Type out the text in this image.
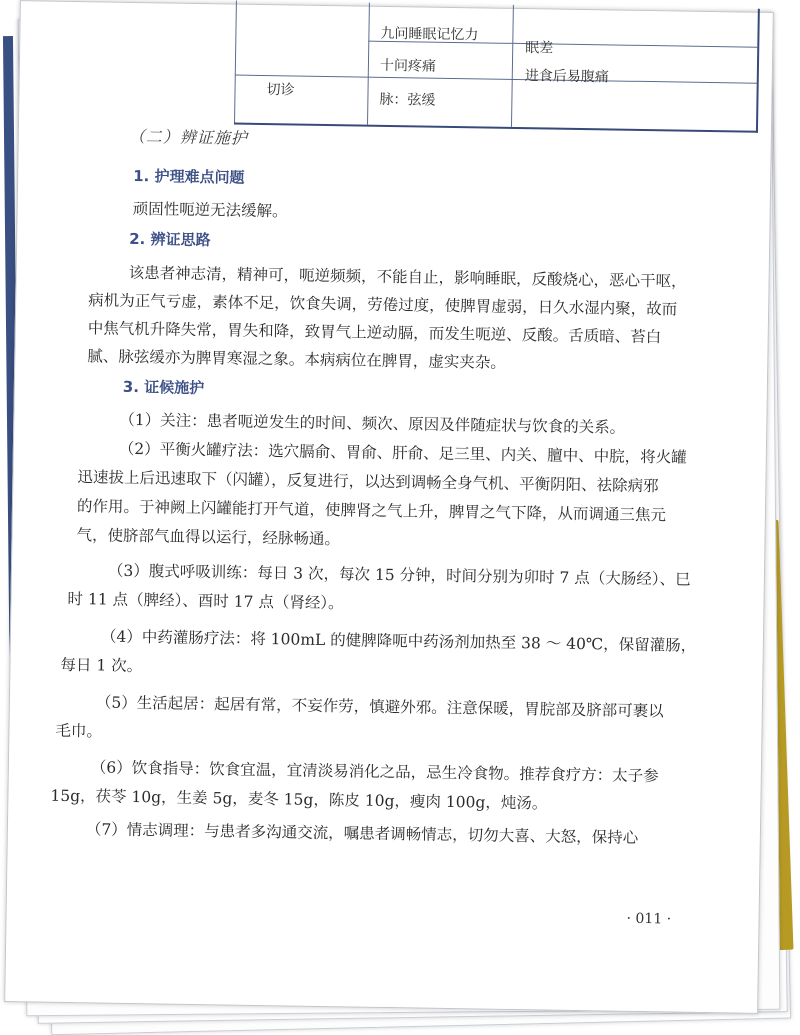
九问睡眠记忆力
眠差
十问疼痛
进食后易腹痛
切诊
脉：弦缓
（二）辨证施护
1. 护理难点问题
顽固性呃逆无法缓解。
2. 辨证思路
该患者神志清，精神可，呃逆频频，不能自止，影响睡眠，反酸烧心，恶心干呕，
病机为正气亏虚，素体不足，饮食失调，劳倦过度，使脾胃虚弱，日久水湿内聚，故而
中焦气机升降失常，胃失和降，致胃气上逆动膈，而发生呃逆、反酸。舌质暗、苔白
腻、脉弦缓亦为脾胃寒湿之象。本病病位在脾胃，虚实夹杂。
3. 证候施护
（1）关注：患者呃逆发生的时间、频次、原因及伴随症状与饮食的关系。
（2）平衡火罐疗法：选穴膈俞、胃俞、肝俞、足三里、内关、膻中、中脘，将火罐
迅速拔上后迅速取下（闪罐），反复进行，以达到调畅全身气机、平衡阴阳、祛除病邪
的作用。于神阙上闪罐能打开气道，使脾肾之气上升，脾胃之气下降，从而调通三焦元
气，使脐部气血得以运行，经脉畅通。
（3）腹式呼吸训练：每日 3 次，每次 15 分钟，时间分别为卯时 7 点（大肠经）、巳
时 11 点（脾经）、酉时 17 点（肾经）。
（4）中药灌肠疗法：将 100mL 的健脾降呃中药汤剂加热至 38 ～ 40℃，保留灌肠，
每日 1 次。
（5）生活起居：起居有常，不妄作劳，慎避外邪。注意保暖，胃脘部及脐部可裹以
毛巾。
（6）饮食指导：饮食宜温，宜清淡易消化之品，忌生冷食物。推荐食疗方：太子参
15g，茯苓 10g，生姜 5g，麦冬 15g，陈皮 10g，瘦肉 100g，炖汤。
（7）情志调理：与患者多沟通交流，嘱患者调畅情志，切勿大喜、大怒，保持心
· 011 ·
